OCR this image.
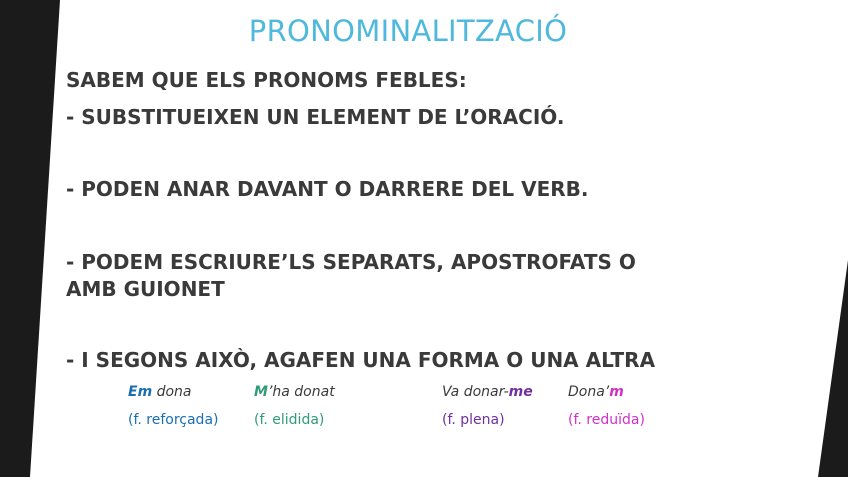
PRONOMINALITZACIÓ
SABEM QUE ELS PRONOMS FEBLES:
- SUBSTITUEIXEN UN ELEMENT DE L’ORACIÓ.
- PODEN ANAR DAVANT O DARRERE DEL VERB.
- PODEM ESCRIURE’LS SEPARATS, APOSTROFATS O
AMB GUIONET
- I SEGONS AIXÒ, AGAFEN UNA FORMA O UNA ALTRA
Em dona	M’ha donat	Va donar-me	Dona’m
(f. reforçada)	(f. elidida)	(f. plena)	(f. reduïda)
